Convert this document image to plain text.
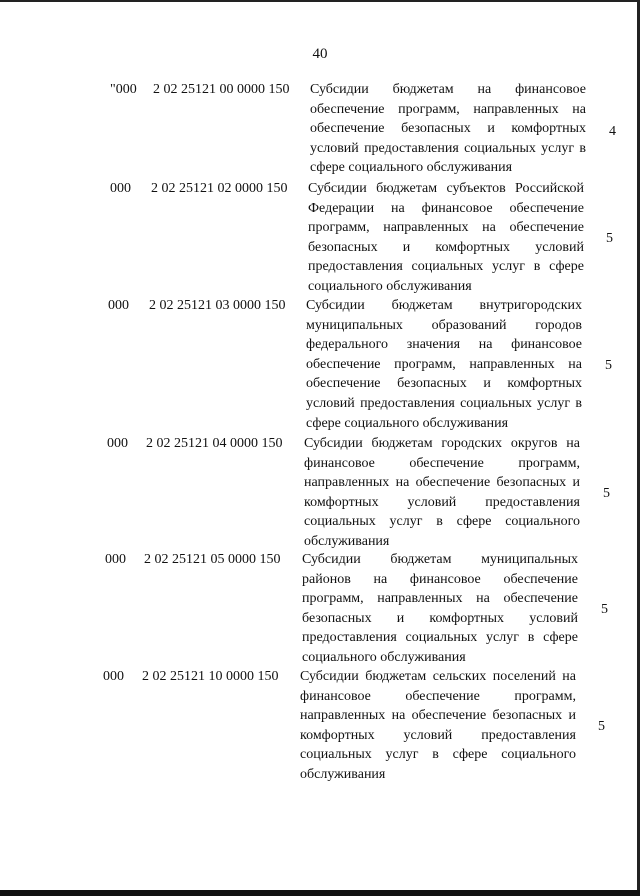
40
"000 2 02 25121 00 0000 150 Субсидии бюджетам на финансовое обеспечение программ, направленных на обеспечение безопасных и комфортных условий предоставления социальных услуг в сфере социального обслуживания
4
000 2 02 25121 02 0000 150 Субсидии бюджетам субъектов Российской Федерации на финансовое обеспечение программ, направленных на обеспечение безопасных и комфортных условий предоставления социальных услуг в сфере социального обслуживания
5
000 2 02 25121 03 0000 150 Субсидии бюджетам внутригородских муниципальных образований городов федерального значения на финансовое обеспечение программ, направленных на обеспечение безопасных и комфортных условий предоставления социальных услуг в сфере социального обслуживания
5
000 2 02 25121 04 0000 150 Субсидии бюджетам городских округов на финансовое обеспечение программ, направленных на обеспечение безопасных и комфортных условий предоставления социальных услуг в сфере социального обслуживания
5
000 2 02 25121 05 0000 150 Субсидии бюджетам муниципальных районов на финансовое обеспечение программ, направленных на обеспечение безопасных и комфортных условий предоставления социальных услуг в сфере социального обслуживания
5
000 2 02 25121 10 0000 150 Субсидии бюджетам сельских поселений на финансовое обеспечение программ, направленных на обеспечение безопасных и комфортных условий предоставления социальных услуг в сфере социального обслуживания
5
